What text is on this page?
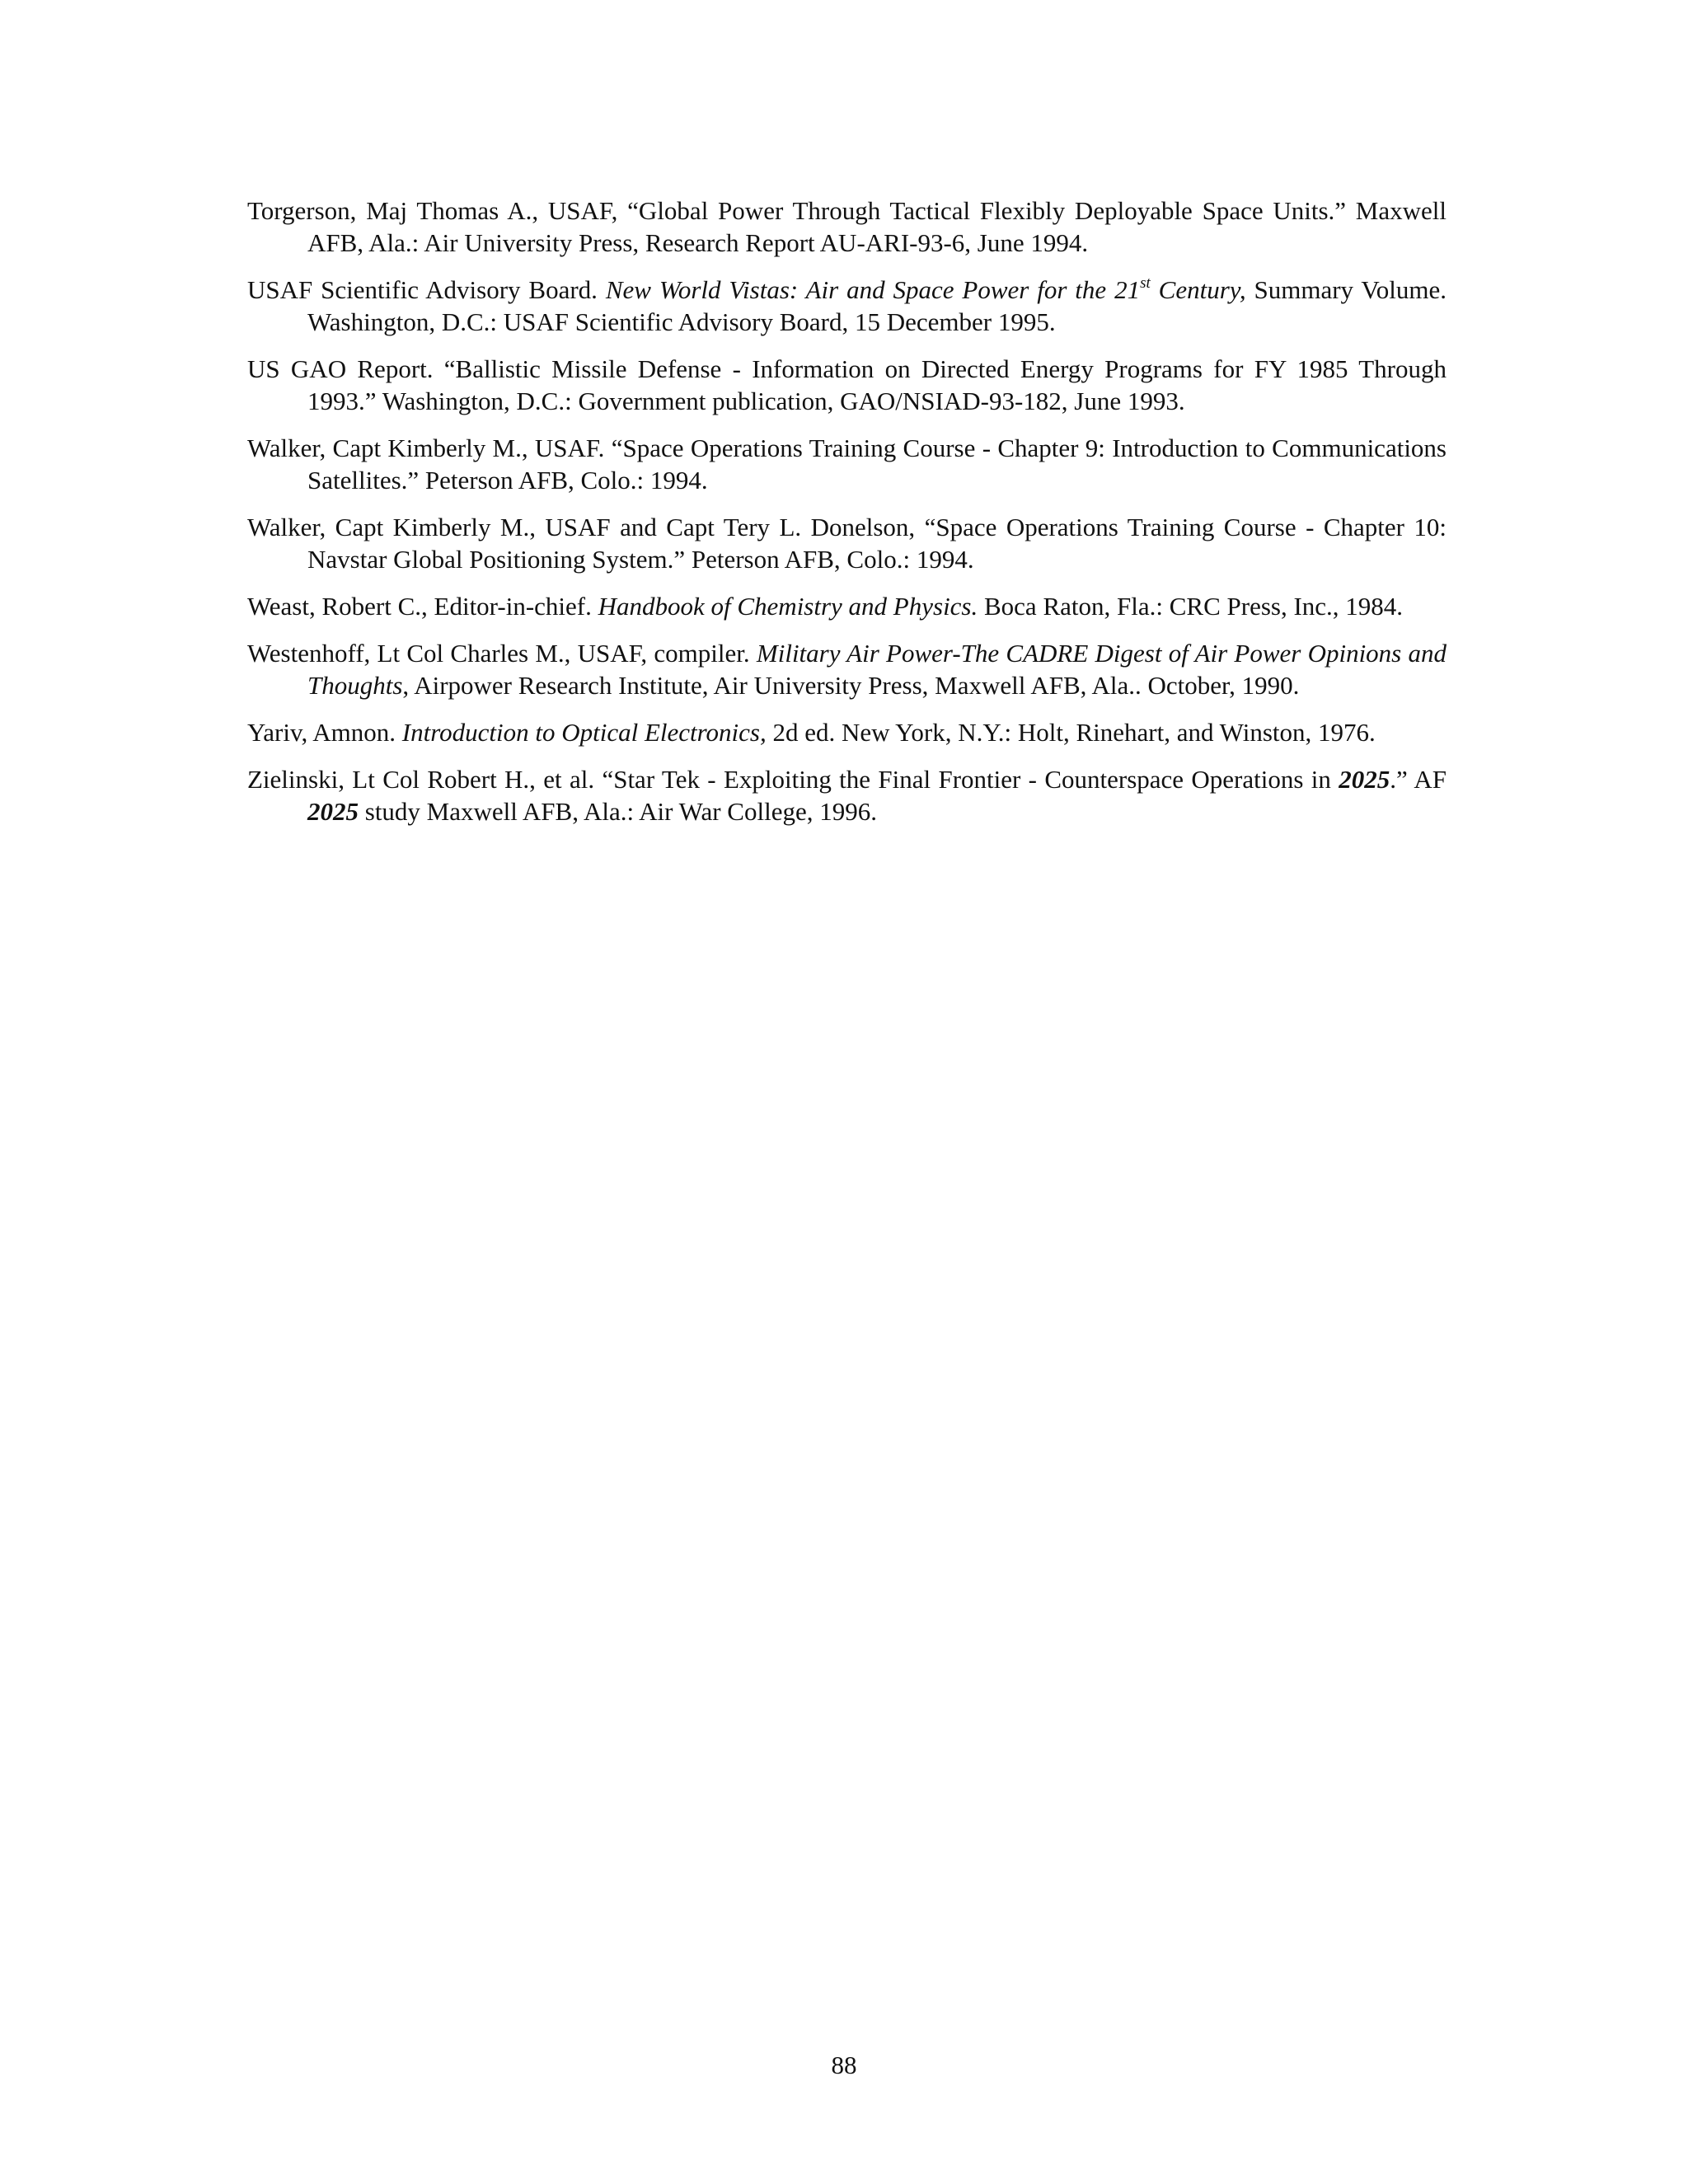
Torgerson, Maj Thomas A., USAF, “Global Power Through Tactical Flexibly Deployable Space Units.” Maxwell AFB, Ala.: Air University Press, Research Report AU-ARI-93-6, June 1994.

USAF Scientific Advisory Board. New World Vistas: Air and Space Power for the 21st Century, Summary Volume. Washington, D.C.: USAF Scientific Advisory Board, 15 December 1995.

US GAO Report. “Ballistic Missile Defense - Information on Directed Energy Programs for FY 1985 Through 1993.” Washington, D.C.: Government publication, GAO/NSIAD-93-182, June 1993.

Walker, Capt Kimberly M., USAF. “Space Operations Training Course - Chapter 9: Introduction to Communications Satellites.” Peterson AFB, Colo.: 1994.

Walker, Capt Kimberly M., USAF and Capt Tery L. Donelson, “Space Operations Training Course - Chapter 10: Navstar Global Positioning System.” Peterson AFB, Colo.: 1994.

Weast, Robert C., Editor-in-chief. Handbook of Chemistry and Physics. Boca Raton, Fla.: CRC Press, Inc., 1984.

Westenhoff, Lt Col Charles M., USAF, compiler. Military Air Power-The CADRE Digest of Air Power Opinions and Thoughts, Airpower Research Institute, Air University Press, Maxwell AFB, Ala.. October, 1990.

Yariv, Amnon. Introduction to Optical Electronics, 2d ed. New York, N.Y.: Holt, Rinehart, and Winston, 1976.

Zielinski, Lt Col Robert H., et al. “Star Tek - Exploiting the Final Frontier - Counterspace Operations in 2025.” AF 2025 study Maxwell AFB, Ala.: Air War College, 1996.

88
